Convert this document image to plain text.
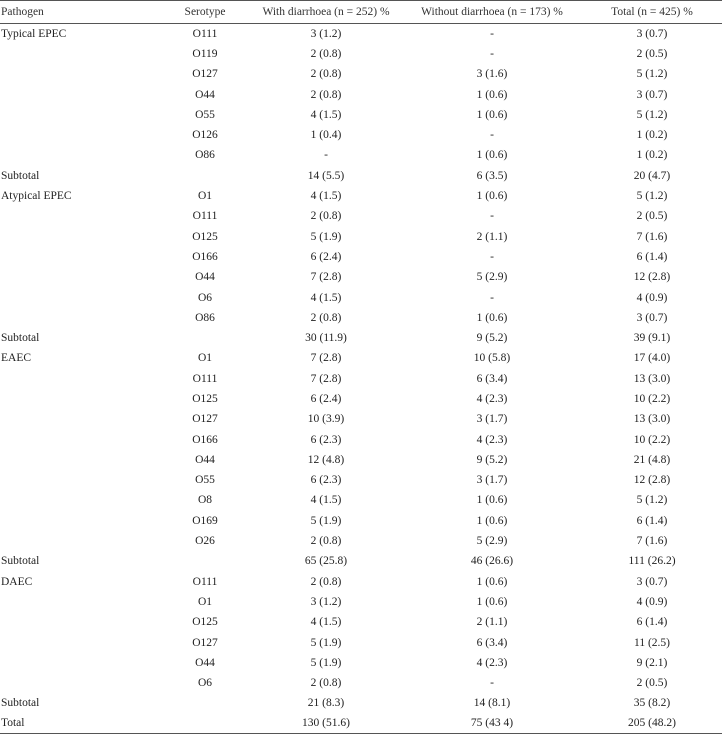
Pathogen	Serotype	With diarrhoea (n = 252) %	Without diarrhoea (n = 173) %	Total (n = 425) %
Typical EPEC	O111	3 (1.2)	-	3 (0.7)
	O119	2 (0.8)	-	2 (0.5)
	O127	2 (0.8)	3 (1.6)	5 (1.2)
	O44	2 (0.8)	1 (0.6)	3 (0.7)
	O55	4 (1.5)	1 (0.6)	5 (1.2)
	O126	1 (0.4)	-	1 (0.2)
	O86	-	1 (0.6)	1 (0.2)
Subtotal		14 (5.5)	6 (3.5)	20 (4.7)
Atypical EPEC	O1	4 (1.5)	1 (0.6)	5 (1.2)
	O111	2 (0.8)	-	2 (0.5)
	O125	5 (1.9)	2 (1.1)	7 (1.6)
	O166	6 (2.4)	-	6 (1.4)
	O44	7 (2.8)	5 (2.9)	12 (2.8)
	O6	4 (1.5)	-	4 (0.9)
	O86	2 (0.8)	1 (0.6)	3 (0.7)
Subtotal		30 (11.9)	9 (5.2)	39 (9.1)
EAEC	O1	7 (2.8)	10 (5.8)	17 (4.0)
	O111	7 (2.8)	6 (3.4)	13 (3.0)
	O125	6 (2.4)	4 (2.3)	10 (2.2)
	O127	10 (3.9)	3 (1.7)	13 (3.0)
	O166	6 (2.3)	4 (2.3)	10 (2.2)
	O44	12 (4.8)	9 (5.2)	21 (4.8)
	O55	6 (2.3)	3 (1.7)	12 (2.8)
	O8	4 (1.5)	1 (0.6)	5 (1.2)
	O169	5 (1.9)	1 (0.6)	6 (1.4)
	O26	2 (0.8)	5 (2.9)	7 (1.6)
Subtotal		65 (25.8)	46 (26.6)	111 (26.2)
DAEC	O111	2 (0.8)	1 (0.6)	3 (0.7)
	O1	3 (1.2)	1 (0.6)	4 (0.9)
	O125	4 (1.5)	2 (1.1)	6 (1.4)
	O127	5 (1.9)	6 (3.4)	11 (2.5)
	O44	5 (1.9)	4 (2.3)	9 (2.1)
	O6	2 (0.8)	-	2 (0.5)
Subtotal		21 (8.3)	14 (8.1)	35 (8.2)
Total		130 (51.6)	75 (43 4)	205 (48.2)
